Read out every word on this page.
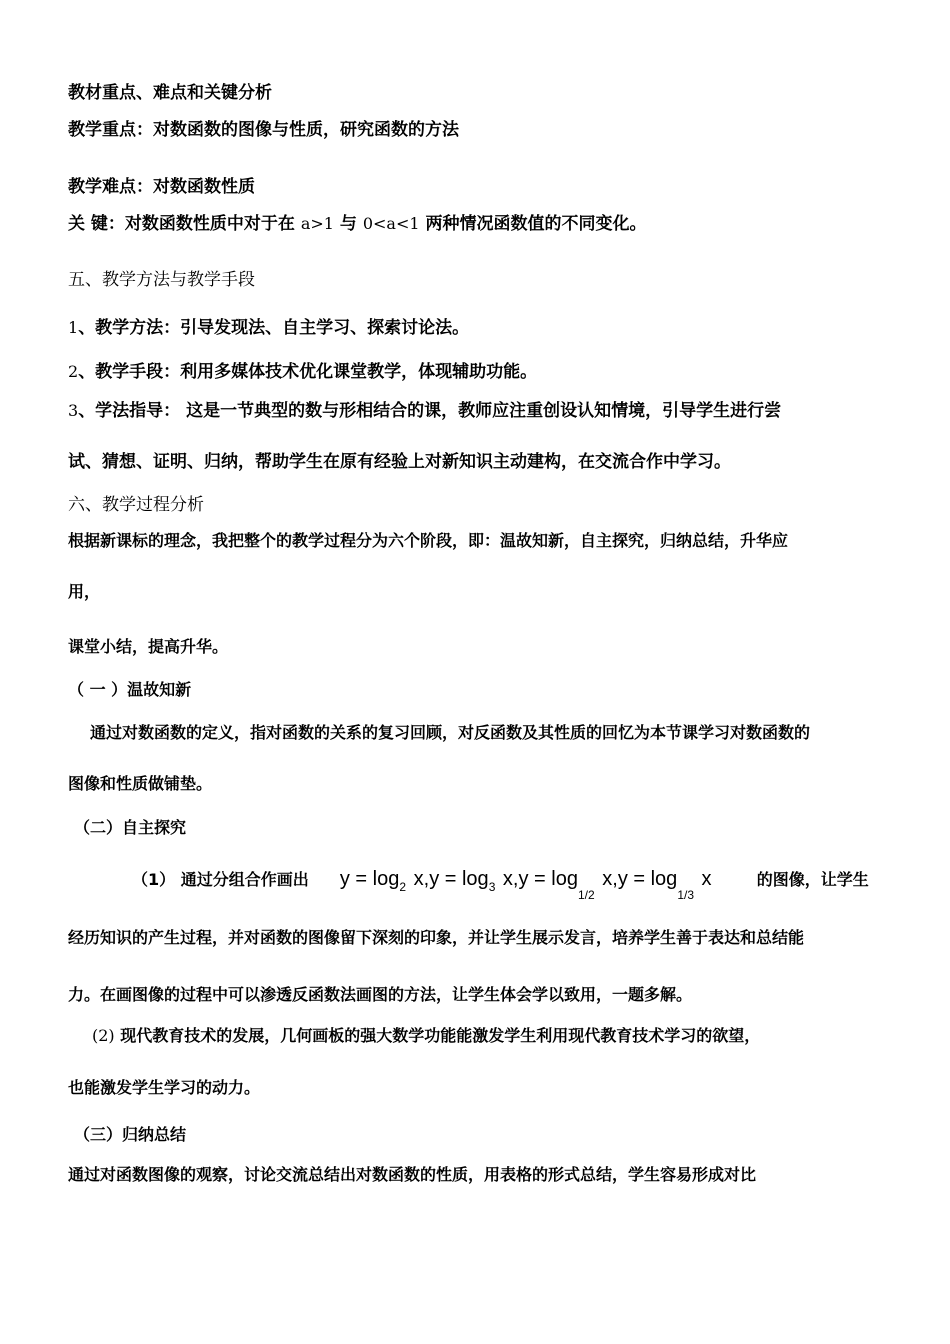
教材重点、难点和关键分析
教学重点：对数函数的图像与性质，研究函数的方法
教学难点：对数函数性质
关 键：对数函数性质中对于在 a>1 与 0<a<1 两种情况函数值的不同变化。
五、教学方法与教学手段
1、教学方法：引导发现法、自主学习、探索讨论法。
2、教学手段：利用多媒体技术优化课堂教学，体现辅助功能。
3、学法指导： 这是一节典型的数与形相结合的课，教师应注重创设认知情境，引导学生进行尝
试、猜想、证明、归纳，帮助学生在原有经验上对新知识主动建构，在交流合作中学习。
六、教学过程分析
根据新课标的理念，我把整个的教学过程分为六个阶段，即：温故知新，自主探究，归纳总结，升华应
用，
课堂小结，提高升华。
（ 一 ）温故知新
通过对数函数的定义，指对函数的关系的复习回顾，对反函数及其性质的回忆为本节课学习对数函数的
图像和性质做铺垫。
（二）自主探究
（1） 通过分组合作画出 $y = \log_2 x,y = \log_3 x,y = \log_{1/2} x,y = \log_{1/3} x$	的图像，让学生
经历知识的产生过程，并对函数的图像留下深刻的印象，并让学生展示发言，培养学生善于表达和总结能
力。在画图像的过程中可以渗透反函数法画图的方法，让学生体会学以致用，一题多解。
(2) 现代教育技术的发展，几何画板的强大数学功能能激发学生利用现代教育技术学习的欲望，
也能激发学生学习的动力。
（三）归纳总结
通过对函数图像的观察，讨论交流总结出对数函数的性质，用表格的形式总结，学生容易形成对比
